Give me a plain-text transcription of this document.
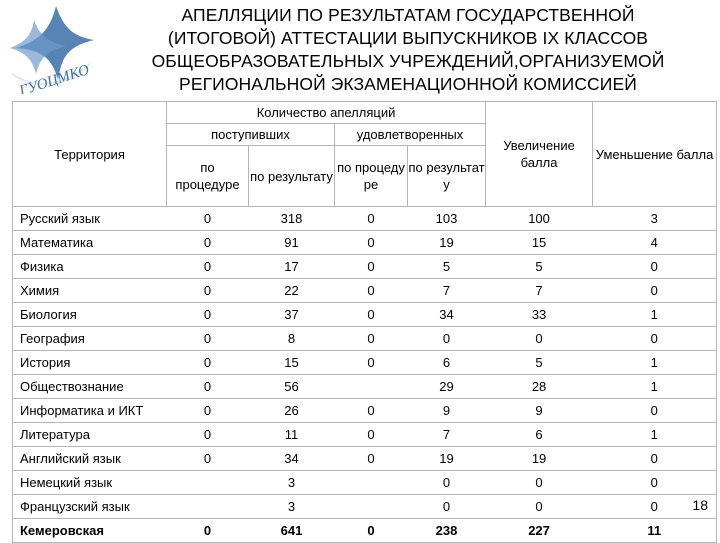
ГУОЦМКО
АПЕЛЛЯЦИИ ПО РЕЗУЛЬТАТАМ ГОСУДАРСТВЕННОЙ
(ИТОГОВОЙ) АТТЕСТАЦИИ ВЫПУСКНИКОВ IX КЛАССОВ
ОБЩЕОБРАЗОВАТЕЛЬНЫХ УЧРЕЖДЕНИЙ,ОРГАНИЗУЕМОЙ
РЕГИОНАЛЬНОЙ ЭКЗАМЕНАЦИОННОЙ КОМИССИЕЙ
Территория	Количество апелляций				Увеличение балла	Уменьшение балла
	поступивших		удовлетворенных			
	по процедуре	по результату	по процеду ре	по результат у		
Русский язык	0	318	0	103	100	3
Математика	0	91	0	19	15	4
Физика	0	17	0	5	5	0
Химия	0	22	0	7	7	0
Биология	0	37	0	34	33	1
География	0	8	0	0	0	0
История	0	15	0	6	5	1
Обществознание	0	56		29	28	1
Информатика и ИКТ	0	26	0	9	9	0
Литература	0	11	0	7	6	1
Английский язык	0	34	0	19	19	0
Немецкий язык		3		0	0	0
Французский язык		3		0	0	0
Кемеровская	0	641	0	238	227	11
18
